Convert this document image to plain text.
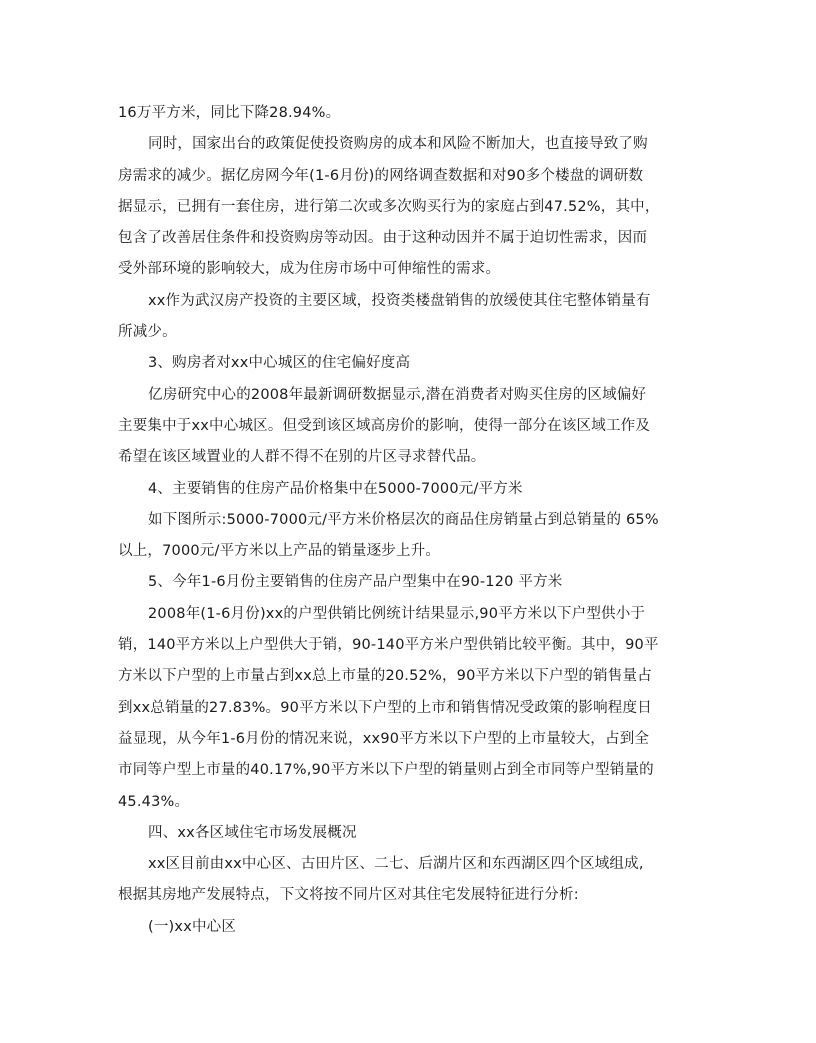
16万平方米，同比下降28.94%。
同时，国家出台的政策促使投资购房的成本和风险不断加大，也直接导致了购
房需求的减少。据亿房网今年(1-6月份)的网络调查数据和对90多个楼盘的调研数
据显示，已拥有一套住房，进行第二次或多次购买行为的家庭占到47.52%，其中，
包含了改善居住条件和投资购房等动因。由于这种动因并不属于迫切性需求，因而
受外部环境的影响较大，成为住房市场中可伸缩性的需求。
xx作为武汉房产投资的主要区域，投资类楼盘销售的放缓使其住宅整体销量有
所减少。
3、购房者对xx中心城区的住宅偏好度高
亿房研究中心的2008年最新调研数据显示,潜在消费者对购买住房的区域偏好
主要集中于xx中心城区。但受到该区域高房价的影响，使得一部分在该区域工作及
希望在该区域置业的人群不得不在别的片区寻求替代品。
4、主要销售的住房产品价格集中在5000-7000元/平方米
如下图所示:5000-7000元/平方米价格层次的商品住房销量占到总销量的 65%
以上，7000元/平方米以上产品的销量逐步上升。
5、今年1-6月份主要销售的住房产品户型集中在90-120 平方米
2008年(1-6月份)xx的户型供销比例统计结果显示,90平方米以下户型供小于
销，140平方米以上户型供大于销，90-140平方米户型供销比较平衡。其中，90平
方米以下户型的上市量占到xx总上市量的20.52%，90平方米以下户型的销售量占
到xx总销量的27.83%。90平方米以下户型的上市和销售情况受政策的影响程度日
益显现，从今年1-6月份的情况来说，xx90平方米以下户型的上市量较大，占到全
市同等户型上市量的40.17%,90平方米以下户型的销量则占到全市同等户型销量的
45.43%。
四、xx各区域住宅市场发展概况
xx区目前由xx中心区、古田片区、二七、后湖片区和东西湖区四个区域组成,
根据其房地产发展特点，下文将按不同片区对其住宅发展特征进行分析:
(一)xx中心区
